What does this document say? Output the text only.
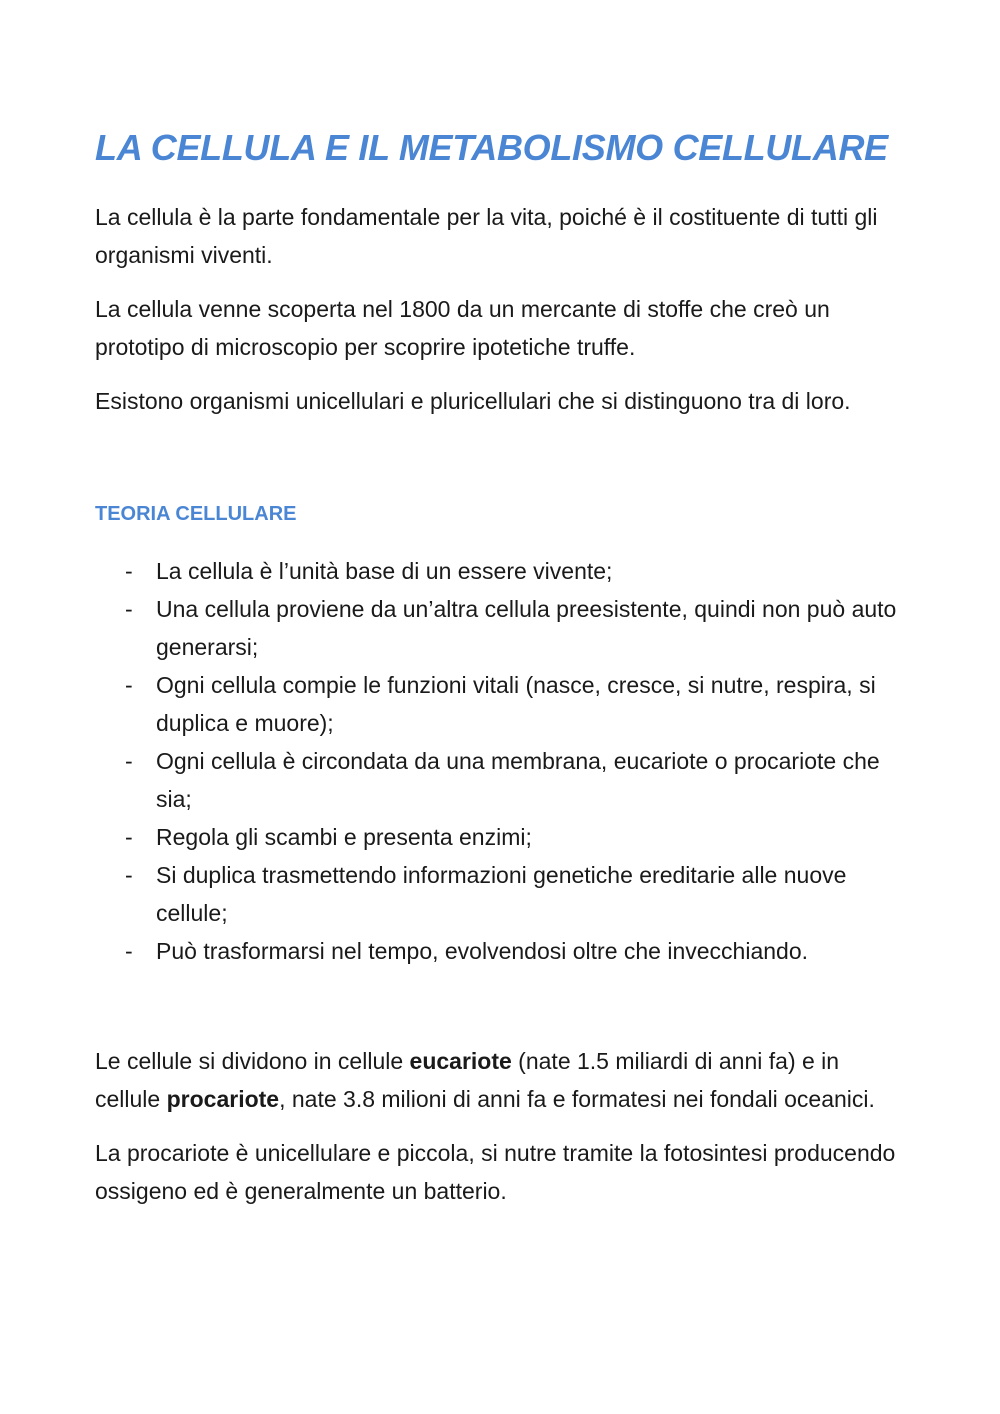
LA CELLULA E IL METABOLISMO CELLULARE

La cellula è la parte fondamentale per la vita, poiché è il costituente di tutti gli organismi viventi.

La cellula venne scoperta nel 1800 da un mercante di stoffe che creò un prototipo di microscopio per scoprire ipotetiche truffe.

Esistono organismi unicellulari e pluricellulari che si distinguono tra di loro.

TEORIA CELLULARE
- La cellula è l’unità base di un essere vivente;
- Una cellula proviene da un’altra cellula preesistente, quindi non può auto generarsi;
- Ogni cellula compie le funzioni vitali (nasce, cresce, si nutre, respira, si duplica e muore);
- Ogni cellula è circondata da una membrana, eucariote o procariote che sia;
- Regola gli scambi e presenta enzimi;
- Si duplica trasmettendo informazioni genetiche ereditarie alle nuove cellule;
- Può trasformarsi nel tempo, evolvendosi oltre che invecchiando.

Le cellule si dividono in cellule eucariote (nate 1.5 miliardi di anni fa) e in cellule procariote, nate 3.8 milioni di anni fa e formatesi nei fondali oceanici.

La procariote è unicellulare e piccola, si nutre tramite la fotosintesi producendo ossigeno ed è generalmente un batterio.
